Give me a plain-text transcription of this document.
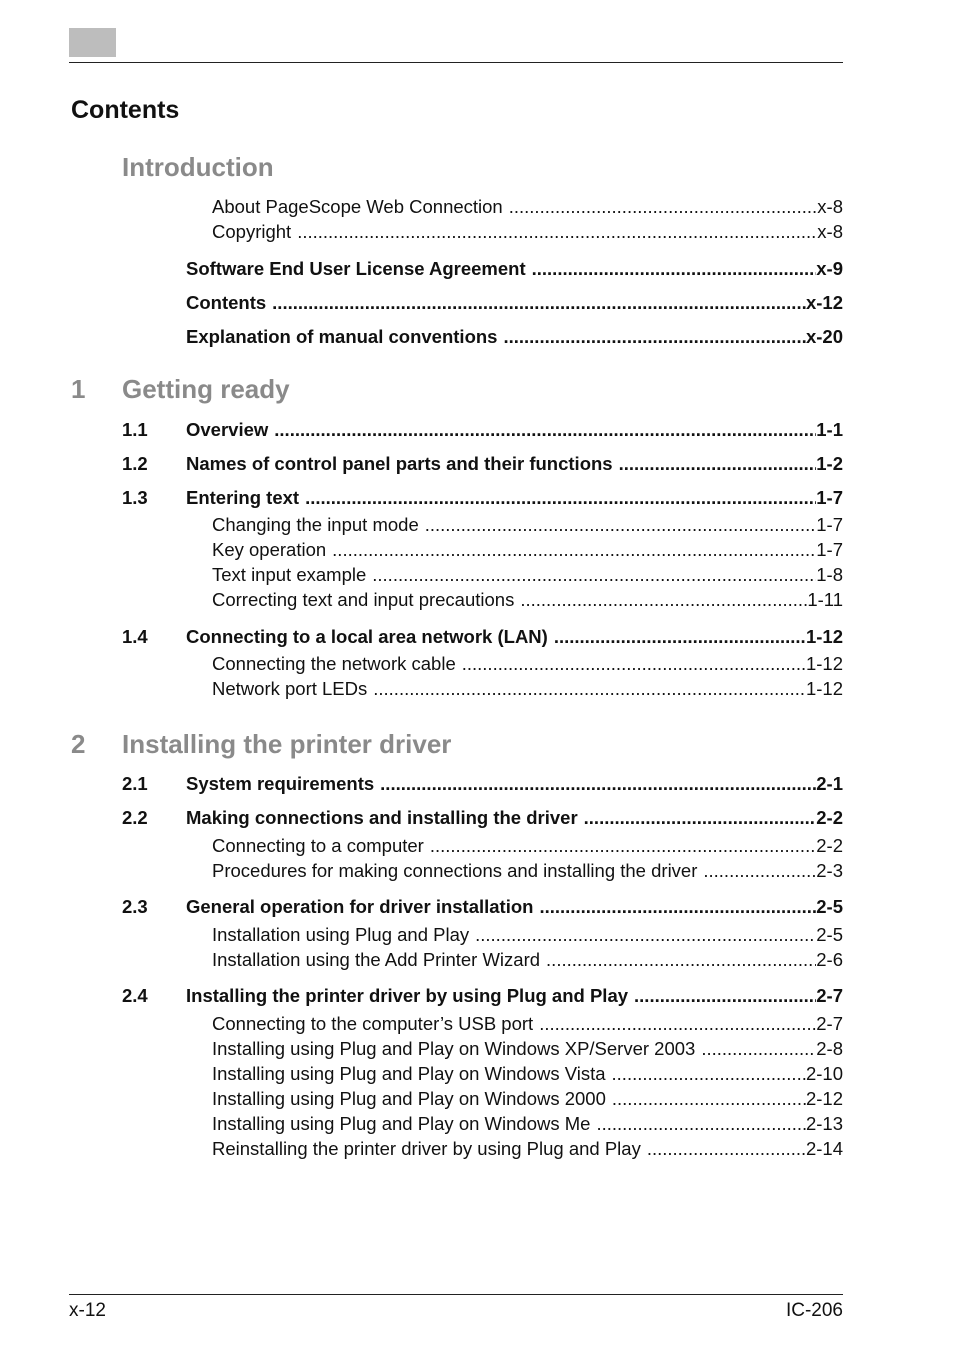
Contents
Introduction
About PageScope Web Connection .....	x-8
Copyright .....	x-8
Software End User License Agreement .....	x-9
Contents .....	x-12
Explanation of manual conventions .....	x-20
1 Getting ready
1.1	Overview .....	1-1
1.2	Names of control panel parts and their functions .....	1-2
1.3	Entering text .....	1-7
Changing the input mode .....	1-7
Key operation .....	1-7
Text input example .....	1-8
Correcting text and input precautions .....	1-11
1.4	Connecting to a local area network (LAN) .....	1-12
Connecting the network cable .....	1-12
Network port LEDs .....	1-12
2 Installing the printer driver
2.1	System requirements .....	2-1
2.2	Making connections and installing the driver .....	2-2
Connecting to a computer .....	2-2
Procedures for making connections and installing the driver .....	2-3
2.3	General operation for driver installation .....	2-5
Installation using Plug and Play .....	2-5
Installation using the Add Printer Wizard .....	2-6
2.4	Installing the printer driver by using Plug and Play .....	2-7
Connecting to the computer’s USB port .....	2-7
Installing using Plug and Play on Windows XP/Server 2003 .....	2-8
Installing using Plug and Play on Windows Vista .....	2-10
Installing using Plug and Play on Windows 2000 .....	2-12
Installing using Plug and Play on Windows Me .....	2-13
Reinstalling the printer driver by using Plug and Play .....	2-14
x-12	IC-206
